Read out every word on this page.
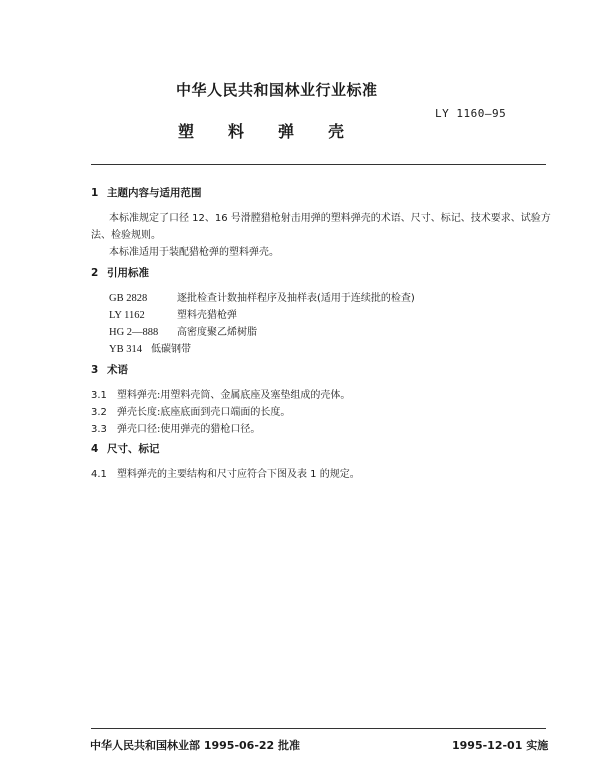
中华人民共和国林业行业标准
LY 1160—95
塑料弹壳
1 主题内容与适用范围
本标准规定了口径 12、16 号滑膛猎枪射击用弹的塑料弹壳的术语、尺寸、标记、技术要求、试验方
法、检验规则。
本标准适用于装配猎枪弹的塑料弹壳。
2 引用标准
GB 2828	逐批检查计数抽样程序及抽样表(适用于连续批的检查)
LY 1162	塑料壳猎枪弹
HG 2—888 高密度聚乙烯树脂
YB 314 低碳钢带
3 术语
3.1 塑料弹壳:用塑料壳筒、金属底座及塞垫组成的壳体。
3.2 弹壳长度:底座底面到壳口端面的长度。
3.3 弹壳口径:使用弹壳的猎枪口径。
4 尺寸、标记
4.1 塑料弹壳的主要结构和尺寸应符合下图及表 1 的规定。
中华人民共和国林业部 1995-06-22 批准	1995-12-01 实施
